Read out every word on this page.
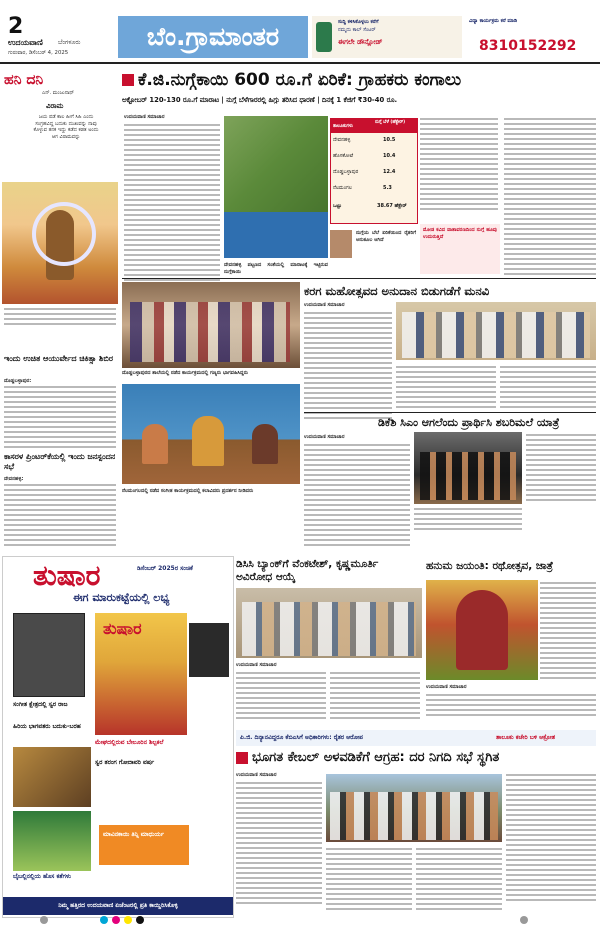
2
ಉದಯವಾಣಿ	ಬೆಂಗಳೂರು
ಗುರುವಾರ, ಡಿಸೆಂಬರ್ 4, 2025
ಬೆಂ.ಗ್ರಾಮಾಂತರ	ಸುದ್ದಿ ಕಳಿಸಿಕೊಳ್ಳಲು ಕರೆಗೆ
ನಮ್ಮದು ಕಾಲ್ ಸೆಂಟರ್
ಈಗಲೇ ಡೌನ್ಲೋಡ್
ವಿದ್ಯಾ ಕಾರ್ಯಕ್ರಮ ಕರೆ ಮಾಡಿ
8310152292
ಹನಿ ದನಿ
ಎನ್. ಮಂಜುನಾಥ್
ವಿರಾಮ
ಜಯ ಪಡೆ ಕಾಲ ಹೀಗೆ ಸಿಹಿ ಎಂದು ಸಂಗ್ರಹವಿದ್ದ ಬದುಕು ದುಃಖವನ್ನು ನಾವು ಕೊಳ್ಳುವ ತನಕ ಇದ್ದು ಕಡೆದ ಕಡತ ಅಂದು ಆಗ ವಿರಾಮವನ್ನು
ಇಂದು ಉಚಿತ ಆಯುರ್ವೇದ ಚಿಕಿತ್ಸಾ ಶಿಬಿರ
ದೊಡ್ಡಬಳ್ಳಾಪುರ:
ಕಾಸರಳ ಪ್ರಿಂಟರ್‌ಕೆಯಲ್ಲಿ ಇಂದು ಜನಸ್ಪಂದನ ಸಭೆ
ದೇವನಹಳ್ಳಿ:
ಕೆ.ಜಿ.ನುಗ್ಗೆಕಾಯಿ 600 ರೂ.ಗೆ ಏರಿಕೆ: ಗ್ರಾಹಕರು ಕಂಗಾಲು
ಅಕ್ಟೋಬರ್ 120-130 ರೂ.ಗೆ ಮಾರಾಟ | ನುಗ್ಗೆ ಬೆಳೆಗಾರರಲ್ಲಿ ಹಿಗ್ಗು ತರಿಸಿದ ಧಾರಣೆ | ದಿನಕ್ಕೆ 1 ಕೆಜಿಗೆ ₹30-40 ರೂ.
ಉದಯವಾಣಿ ಸಮಾಚಾರ
ತಾಲೂಕುಗಳು
ನುಗ್ಗೆ ಬೆಳೆ (ಹೆಕ್ಟೇರ್)
ದೇವನಹಳ್ಳಿ	10.5
ಹೊಸಕೋಟೆ	10.4
ದೊಡ್ಡಬಳ್ಳಾಪುರ	12.4
ನೆಲಮಂಗಲ	5.3
ಒಟ್ಟು	38.67 ಹೆಕ್ಟೇರ್
ದೇವನಹಳ್ಳಿ ಪಟ್ಟಣದ ಸಂತೆಯಲ್ಲಿ ಮಾರಾಟಕ್ಕೆ ಇಟ್ಟಿರುವ ನುಗ್ಗೆಕಾಯಿ
ನುಗ್ಗೆಯ ಬೆಲೆ ಏರಿಕೆಯಿಂದ ರೈತರಿಗೆ ಅನುಕೂಲ ಆಗಿದೆ
ಮೋಡ ಕವಿದ ವಾತಾವರಣದಿಂದ ನುಗ್ಗೆ ಹೂವು ಉದುರುತ್ತಿದೆ
ದೊಡ್ಡಬಳ್ಳಾಪುರದ ಶಾಲೆಯಲ್ಲಿ ನಡೆದ ಕಾರ್ಯಕ್ರಮದಲ್ಲಿ ಗಣ್ಯರು ಭಾಗವಹಿಸಿದ್ದರು
ನೆಲಮಂಗಲದಲ್ಲಿ ನಡೆದ ಸಂಗೀತ ಕಾರ್ಯಕ್ರಮದಲ್ಲಿ ಕಲಾವಿದರು ಪ್ರದರ್ಶನ ನೀಡಿದರು
ಕರಗ ಮಹೋತ್ಸವದ ಅನುದಾನ ಬಿಡುಗಡೆಗೆ ಮನವಿ
ಉದಯವಾಣಿ ಸಮಾಚಾರ
ಡಿಕೆಶಿ ಸಿಎಂ ಆಗಲೆಂದು ಪ್ರಾರ್ಥಿಸಿ ಶಬರಿಮಲೆ ಯಾತ್ರೆ
ಉದಯವಾಣಿ ಸಮಾಚಾರ
ತುಷಾರ	ಡಿಸೆಂಬರ್ 2025ರ ಸಂಚಿಕೆ
ಈಗ ಮಾರುಕಟ್ಟೆಯಲ್ಲಿ ಲಭ್ಯ
ತುಷಾರ
ಸಂಗೀತ ಕ್ಷೇತ್ರದಲ್ಲಿ ಸ್ವರ ರಾಜ
ಹಿರಿಯ ಭಾಗವತರು ಬದುಕು-ಬರಹ
ಮೇಘದಲ್ಲಿರುವ ಬೇಲೂರಿನ ಶಿಲ್ಪಕಲೆ
ಸ್ವರ ತರಂಗ ಗೋದಾವರಿ ವರ್ಷ
ಬೈಬಲ್ಲಿನಲ್ಲಿಯ ಹೊಸ ಕತೆಗಳು
ಮಾವಿನಕಾಯಿ ತಿನ್ನಿ ಮಾಧುರ್ಯ
ನಿಮ್ಮ ಹತ್ತಿರದ ಉದಯವಾಣಿ ಏಜೆಂಟರಲ್ಲಿ ಪ್ರತಿ ಕಾಯ್ದಿರಿಸಿಕೊಳ್ಳಿ
ಡಿಸಿಸಿ ಬ್ಯಾಂಕ್‌ಗೆ ವೆಂಕಟೇಶ್, ಕೃಷ್ಣಮೂರ್ತಿ ಅವಿರೋಧ ಆಯ್ಕೆ
ಉದಯವಾಣಿ ಸಮಾಚಾರ
ಹನುಮ ಜಯಂತಿ: ರಥೋತ್ಸವ, ಜಾತ್ರೆ
ಉದಯವಾಣಿ ಸಮಾಚಾರ
ಪಿ.ಜಿ. ದಿನ್ಯಾನವಿದ್ದರೂ ಕೆಬಿಎಸಿಗೆ ಅಧಿಕಾರಿಗಳು: ರೈತರ ಆರೋಪ	ತಾಲೂಕು ಕಚೇರಿ ಬಳಿ ಆಕ್ರೋಶ
ಭೂಗತ ಕೇಬಲ್ ಅಳವಡಿಕೆಗೆ ಆಗ್ರಹ: ದರ ನಿಗದಿ ಸಭೆ ಸ್ಥಗಿತ
ಉದಯವಾಣಿ ಸಮಾಚಾರ
